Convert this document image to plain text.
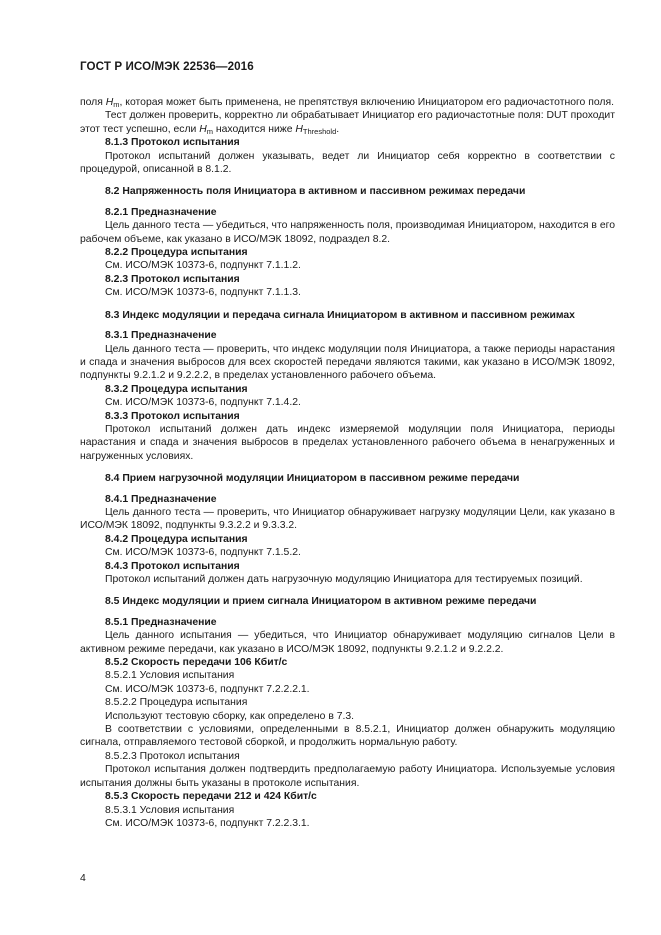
ГОСТ Р ИСО/МЭК 22536—2016

поля $H_m$, которая может быть применена, не препятствуя включению Инициатором его радиочастотного поля.

Тест должен проверить, корректно ли обрабатывает Инициатор его радиочастотные поля: DUT проходит этот тест успешно, если $H_m$ находится ниже $H_{Threshold}$.

8.1.3 Протокол испытания

Протокол испытаний должен указывать, ведет ли Инициатор себя корректно в соответствии с процедурой, описанной в 8.1.2.

8.2 Напряженность поля Инициатора в активном и пассивном режимах передачи

8.2.1 Предназначение

Цель данного теста — убедиться, что напряженность поля, производимая Инициатором, находится в его рабочем объеме, как указано в ИСО/МЭК 18092, подраздел 8.2.

8.2.2 Процедура испытания

См. ИСО/МЭК 10373-6, подпункт 7.1.1.2.

8.2.3 Протокол испытания

См. ИСО/МЭК 10373-6, подпункт 7.1.1.3.

8.3 Индекс модуляции и передача сигнала Инициатором в активном и пассивном режимах

8.3.1 Предназначение

Цель данного теста — проверить, что индекс модуляции поля Инициатора, а также периоды нарастания и спада и значения выбросов для всех скоростей передачи являются такими, как указано в ИСО/МЭК 18092, подпункты 9.2.1.2 и 9.2.2.2, в пределах установленного рабочего объема.

8.3.2 Процедура испытания

См. ИСО/МЭК 10373-6, подпункт 7.1.4.2.

8.3.3 Протокол испытания

Протокол испытаний должен дать индекс измеряемой модуляции поля Инициатора, периоды нарастания и спада и значения выбросов в пределах установленного рабочего объема в ненагруженных и нагруженных условиях.

8.4 Прием нагрузочной модуляции Инициатором в пассивном режиме передачи

8.4.1 Предназначение

Цель данного теста — проверить, что Инициатор обнаруживает нагрузку модуляции Цели, как указано в ИСО/МЭК 18092, подпункты 9.3.2.2 и 9.3.3.2.

8.4.2 Процедура испытания

См. ИСО/МЭК 10373-6, подпункт 7.1.5.2.

8.4.3 Протокол испытания

Протокол испытаний должен дать нагрузочную модуляцию Инициатора для тестируемых позиций.

8.5 Индекс модуляции и прием сигнала Инициатором в активном режиме передачи

8.5.1 Предназначение

Цель данного испытания — убедиться, что Инициатор обнаруживает модуляцию сигналов Цели в активном режиме передачи, как указано в ИСО/МЭК 18092, подпункты 9.2.1.2 и 9.2.2.2.

8.5.2 Скорость передачи 106 Кбит/с

8.5.2.1 Условия испытания

См. ИСО/МЭК 10373-6, подпункт 7.2.2.2.1.

8.5.2.2 Процедура испытания

Используют тестовую сборку, как определено в 7.3.

В соответствии с условиями, определенными в 8.5.2.1, Инициатор должен обнаружить модуляцию сигнала, отправляемого тестовой сборкой, и продолжить нормальную работу.

8.5.2.3 Протокол испытания

Протокол испытания должен подтвердить предполагаемую работу Инициатора. Используемые условия испытания должны быть указаны в протоколе испытания.

8.5.3 Скорость передачи 212 и 424 Кбит/с

8.5.3.1 Условия испытания

См. ИСО/МЭК 10373-6, подпункт 7.2.2.3.1.

4
